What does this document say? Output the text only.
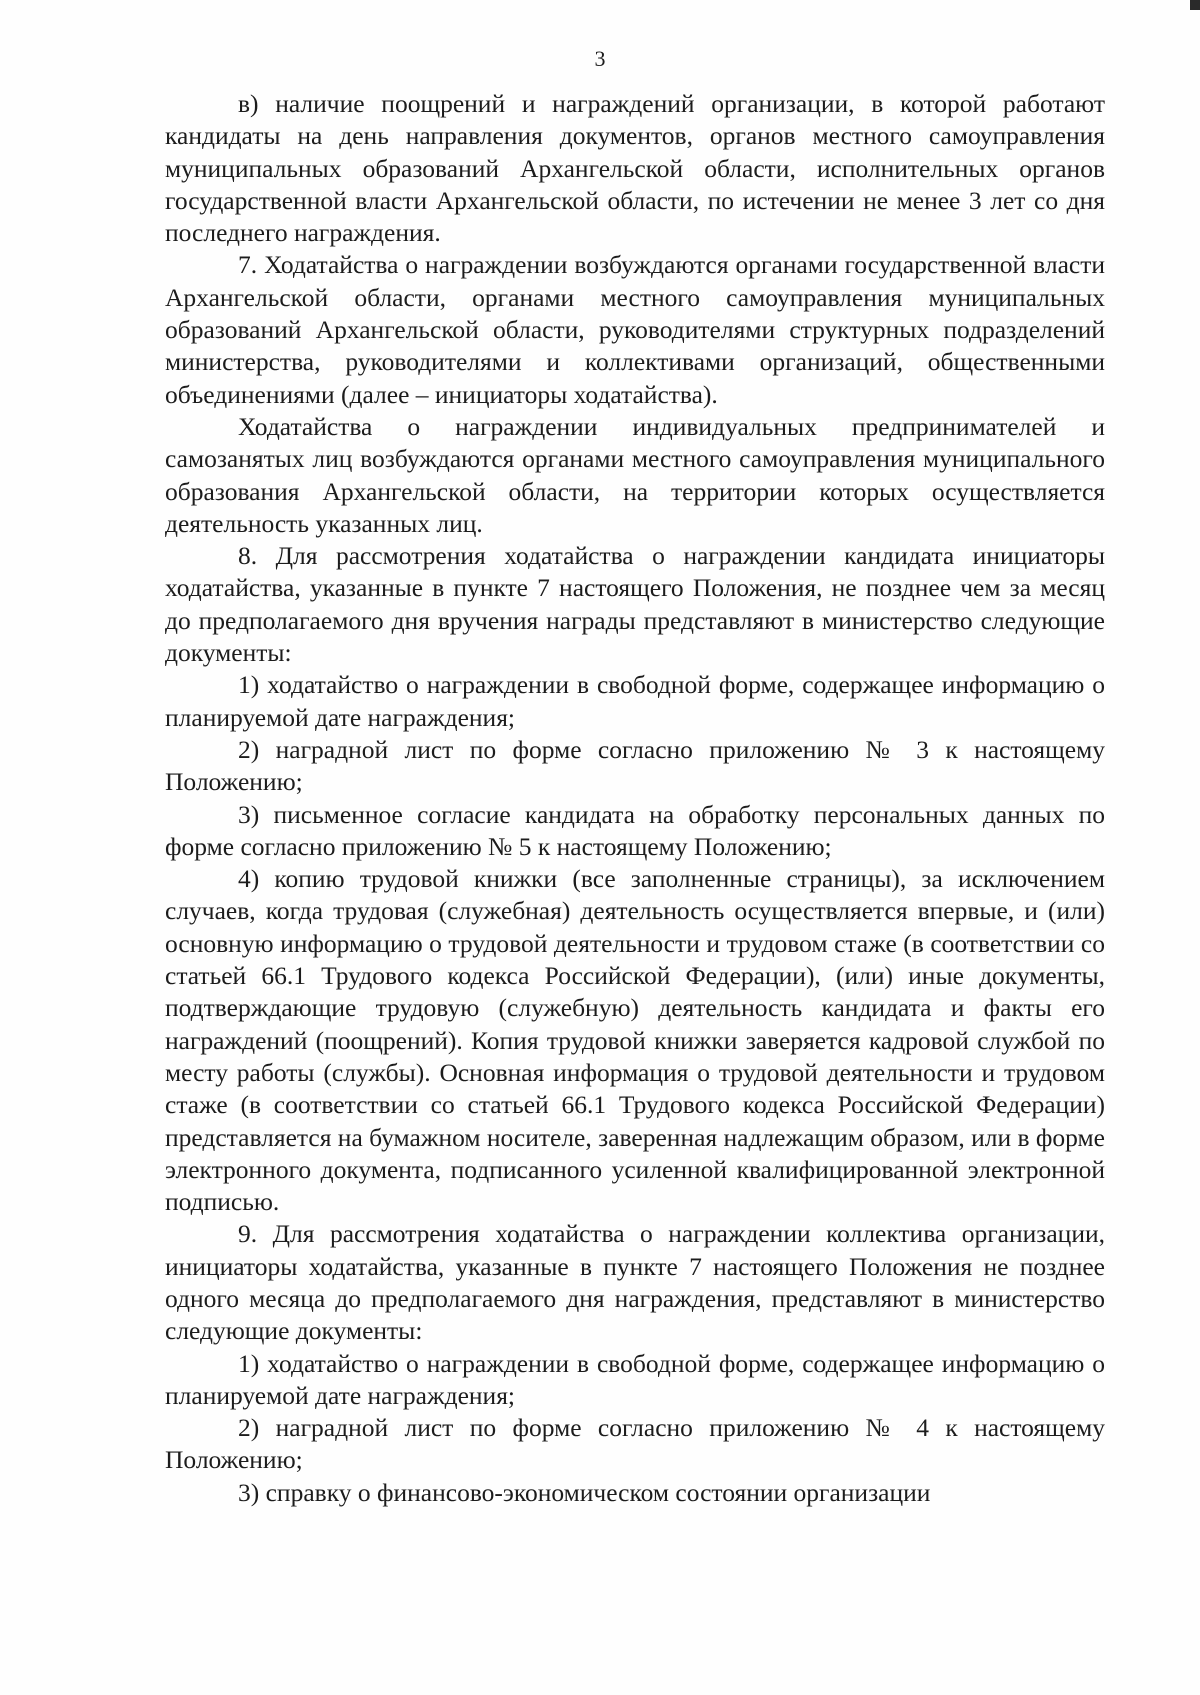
3

в) наличие поощрений и награждений организации, в которой работают кандидаты на день направления документов, органов местного самоуправления муниципальных образований Архангельской области, исполнительных органов государственной власти Архангельской области, по истечении не менее 3 лет со дня последнего награждения.

7. Ходатайства о награждении возбуждаются органами государственной власти Архангельской области, органами местного самоуправления муниципальных образований Архангельской области, руководителями структурных подразделений министерства, руководителями и коллективами организаций, общественными объединениями (далее – инициаторы ходатайства).

Ходатайства о награждении индивидуальных предпринимателей и самозанятых лиц возбуждаются органами местного самоуправления муниципального образования Архангельской области, на территории которых осуществляется деятельность указанных лиц.

8. Для рассмотрения ходатайства о награждении кандидата инициаторы ходатайства, указанные в пункте 7 настоящего Положения, не позднее чем за месяц до предполагаемого дня вручения награды представляют в министерство следующие документы:

1) ходатайство о награждении в свободной форме, содержащее информацию о планируемой дате награждения;

2) наградной лист по форме согласно приложению № 3 к настоящему Положению;

3) письменное согласие кандидата на обработку персональных данных по форме согласно приложению № 5 к настоящему Положению;

4) копию трудовой книжки (все заполненные страницы), за исключением случаев, когда трудовая (служебная) деятельность осуществляется впервые, и (или) основную информацию о трудовой деятельности и трудовом стаже (в соответствии со статьей 66.1 Трудового кодекса Российской Федерации), (или) иные документы, подтверждающие трудовую (служебную) деятельность кандидата и факты его награждений (поощрений). Копия трудовой книжки заверяется кадровой службой по месту работы (службы). Основная информация о трудовой деятельности и трудовом стаже (в соответствии со статьей 66.1 Трудового кодекса Российской Федерации) представляется на бумажном носителе, заверенная надлежащим образом, или в форме электронного документа, подписанного усиленной квалифицированной электронной подписью.

9. Для рассмотрения ходатайства о награждении коллектива организации, инициаторы ходатайства, указанные в пункте 7 настоящего Положения не позднее одного месяца до предполагаемого дня награждения, представляют в министерство следующие документы:

1) ходатайство о награждении в свободной форме, содержащее информацию о планируемой дате награждения;

2) наградной лист по форме согласно приложению № 4 к настоящему Положению;

3) справку о финансово-экономическом состоянии организации
